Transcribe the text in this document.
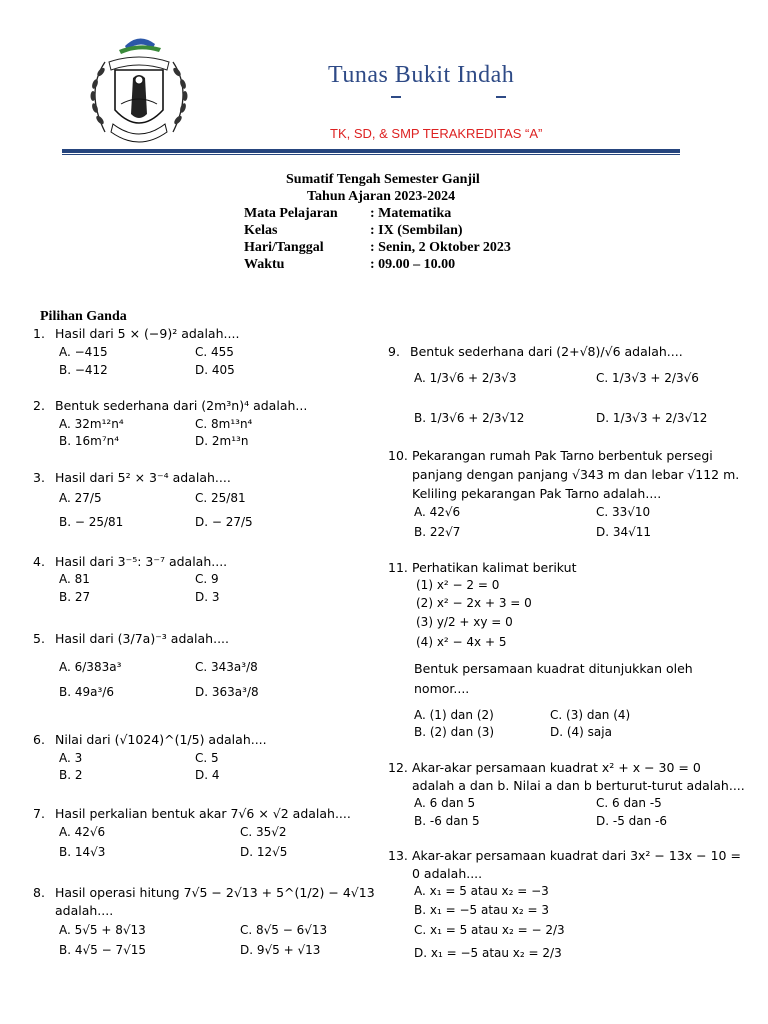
Tunas Bukit Indah
TK, SD, & SMP TERAKREDITAS “A”
Sumatif Tengah Semester Ganjil
Tahun Ajaran 2023-2024
Mata Pelajaran : Matematika
Kelas	: IX (Sembilan)
Hari/Tanggal	: Senin, 2 Oktober 2023
Waktu	: 09.00 – 10.00
Pilihan Ganda
1. Hasil dari 5 × (−9)² adalah....
A. −415
B. −412
C. 455
D. 405
2. Bentuk sederhana dari (2m³n)⁴ adalah...
A. 32m¹²n⁴
B. 16m⁷n⁴
C. 8m¹³n⁴
D. 2m¹³n
3. Hasil dari 5² × 3⁻⁴ adalah....
A. 27/5
B. − 25/81
C. 25/81
D. − 27/5
4. Hasil dari 3⁻⁵: 3⁻⁷ adalah....
A. 81
B. 27
C. 9
D. 3
5. Hasil dari (3/7a)⁻³ adalah....
A. 6/383a³
B. 49a³/6
C. 343a³/8
D. 363a³/8
6. Nilai dari (√1024)^(1/5) adalah....
A. 3
B. 2
C. 5
D. 4
7. Hasil perkalian bentuk akar 7√6 × √2 adalah....
A. 42√6
B. 14√3
C. 35√2
D. 12√5
8. Hasil operasi hitung 7√5 − 2√13 + 5^(1/2) − 4√13
adalah....
A. 5√5 + 8√13
B. 4√5 − 7√15
C. 8√5 − 6√13
D. 9√5 + √13
9. Bentuk sederhana dari (2+√8)/√6 adalah....
A. 1/3√6 + 2/3√3
B. 1/3√6 + 2/3√12
C. 1/3√3 + 2/3√6
D. 1/3√3 + 2/3√12
10. Pekarangan rumah Pak Tarno berbentuk persegi
panjang dengan panjang √343 m dan lebar √112 m.
Keliling pekarangan Pak Tarno adalah....
A. 42√6
B. 22√7
C. 33√10
D. 34√11
11. Perhatikan kalimat berikut
(1) x² − 2 = 0
(2) x² − 2x + 3 = 0
(3) y/2 + xy = 0
(4) x² − 4x + 5
Bentuk persamaan kuadrat ditunjukkan oleh
nomor....
A. (1) dan (2)
B. (2) dan (3)
C. (3) dan (4)
D. (4) saja
12. Akar-akar persamaan kuadrat x² + x − 30 = 0
adalah a dan b. Nilai a dan b berturut-turut adalah....
A. 6 dan 5
B. -6 dan 5
C. 6 dan -5
D. -5 dan -6
13. Akar-akar persamaan kuadrat dari 3x² − 13x − 10 =
0 adalah....
A. x₁ = 5 atau x₂ = −3
B. x₁ = −5 atau x₂ = 3
C. x₁ = 5 atau x₂ = − 2/3
D. x₁ = −5 atau x₂ = 2/3
